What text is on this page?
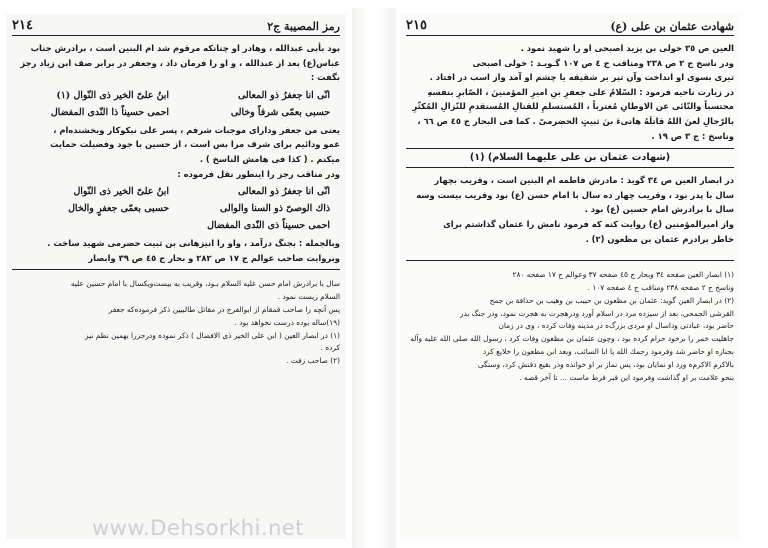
رمز المصیبة ج٢
٢١٤

بود بأبی عبدالله ، وهادر او چنانکه مرقوم شد ام البنین است ، برادرش جناب

عباس(ع) بعد از عبدالله ، و او را فرمان داد ، وجعفر در برابر صف ابن زیاد رجز

بگفت :

انّی انا جعفرُ ذو المعالی
ابنُ علیّ الخیر ذی النّوال (١)
حسبی بعمّی شرفاً وخالی
احمی حسیناً ذا النّدی المفضال

یعنی من جعفر ودارای موجبات شرفم ، پسر علی نیکوکار وبخشنده‌ام ،

عمو ودائیم برای شرف مرا بس است ، از حسین با جود وفضیلت حمایت

میکنم . ( کذا فی هامش الناسخ ) .

ودر مناقب رجز را اینطور نقل فرموده :

انّی انا جعفرُ ذو المعالی
ابنُ علیّ الخیر ذی النّوال
ذاك الوصیّ ذو السنا والوالی
حسبی بعمّی جعفرٍ والخال
احمی حسیناً ذی النّدی المفضال

وبالجمله : بجنگ درآمد ، واو را انیزهانی بن ثبیت حضرمی شهید ساخت .

وبروایت صاحب عوالم ج ١٧ ص ٢٨٢ و بحار ج ٤٥ ص ٣٩ وابصار

سال با برادرش امام حسن علیه السلام بـود، وقریب به بیست‌ویکسال با امام حسین علیه

السلام زیست نمود .

پس آنچه را صاحب قمقام از ابوالفرج در مقاتل طالبیین ذکر فرموده‌که جعفر

(١٩)ساله بوده درست نخواهد بود .

(١) در ابصار العین ( ابن علی الخیر ذی الافضال ) ذکر نموده ودرجزرا بهمین نظم نیز

کرده .

(٢) صاحب زفت .

شهادت عثمان بن علی (ع)
٢١٥

العین ص ٣٥ خولی بن یزید اصبحی او را شهید نمود .

ودر ناسخ ج ٢ ص ٢٣٨ ومناقب ج ٤ ص ١٠٧ گـویـد : خولی اصبحی

تیری بسوی او انداخت وآن تیر بر شقیقه یا چشم او آمد واز اسب در افتاد .

در زیارت ناحیه فرمود : السّلامُ علی جعفرِ بنِ امیرِ المؤمنینَ ، الصّابرِ بنفسهِ

محتسباً والنّائی عن الاوطانِ مُغترباً ، المُستسلمِ للقتالِ المُستقدمِ للنّزالِ المُکثّرِ

بالرّجالِ لعنَ اللهُ قاتلَهُ هانیءَ بنَ ثبیتٍ الحضرمیّ . کما فی البحار ج ٤٥ ص ٦٦ ،

وناسخ : ج ٣ ص ١٩ .

(شهادت عثمان بن علی علیهما السلام) (١)

در ابصار العین ص ٣٤ گوید : مادرش فاطمه ام البنین است ، وقریب بچهار

سال با پدر بود ، وقریب چهار ده سال با امام حسن (ع) بود وقریب بیست وسه

سال با برادرش امام حسین (ع) بود .

واز امیرالمؤمنین (ع) روایت کنه که فرمود نامش را عثمان گذاشتم برای

خاطر برادرم عثمان بن مظعون (٢) .

(١) ابصار العین صفحه ٣٤ وبحار ج ٤٥ صفحه ٣٧ وعوالم ج ١٧ صفحه ٢٨٠

وناسخ ج ٢ صفحه ٢٣٨ ومناقب ج ٤ صفحه ١٠٧ .

(٢) در ابصار العین گوید: عثمان بن مظعون بن حبیب بن وهیب بن حذافة بن جمح

القرشی الجمحی، بعد از سیزده مرد در اسلام آورد ودرهجرت به هجرت نمود، ودر جنگ بدر

حاضر بود، عبادتی وداسال او مردی بزرگ‌ه در مدینه وفات کرده ، وی در زمان

جاهلیت خمر را برخود حرام کرده بود ، وچون عثمان بن مظعون وفات کرد ، رسول الله صلی الله علیه وآله

بجنازه او حاضر شد وفرمود رحمك الله یا ابا السائب، وبعد ابن مظعون را خلایع کرد

بالاکرم الاکرم‌ه وزد او نمایان بود، پس نماز بر او خوانده ودر بقیع دفنش کرد، وسنگی

بنحو علامت بر او گذاشت وفرمود این قبر فرط ماست ... تا آخر قصه .

www.Dehsorkhi.net
